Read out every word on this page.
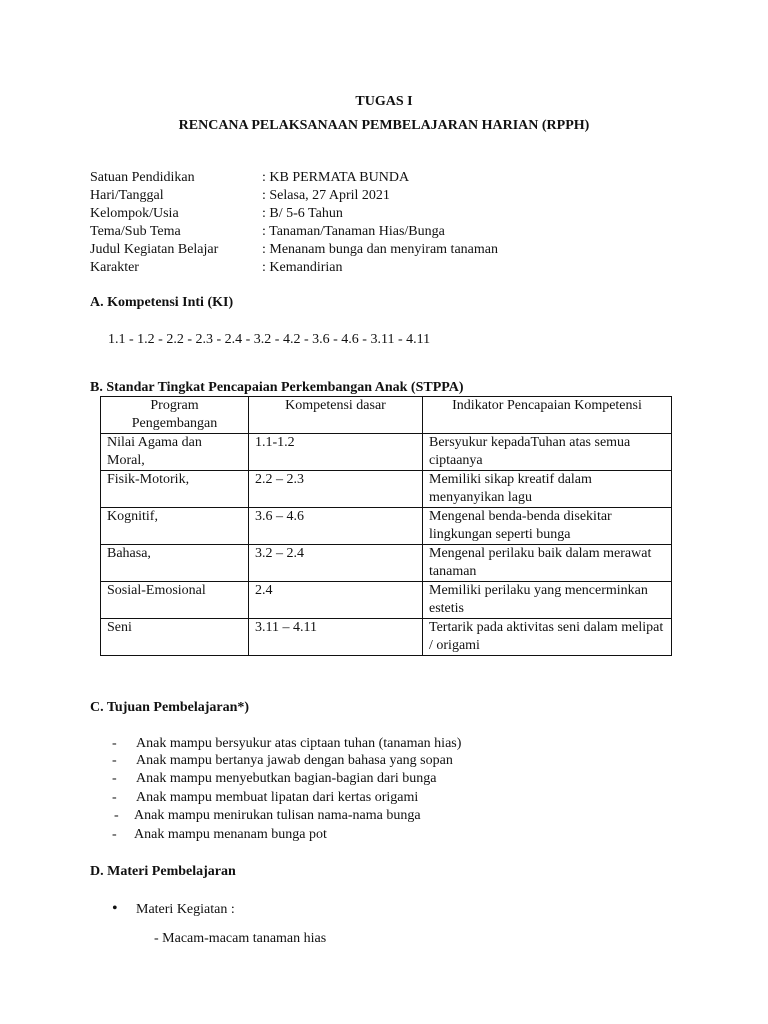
TUGAS I
RENCANA PELAKSANAAN PEMBELAJARAN HARIAN (RPPH)
Satuan Pendidikan	: KB PERMATA BUNDA
Hari/Tanggal	: Selasa, 27 April 2021
Kelompok/Usia	: B/ 5-6 Tahun
Tema/Sub Tema	: Tanaman/Tanaman Hias/Bunga
Judul Kegiatan Belajar	: Menanam bunga dan menyiram tanaman
Karakter	: Kemandirian
A. Kompetensi Inti (KI)
1.1 - 1.2 - 2.2 - 2.3 - 2.4 - 3.2 - 4.2 - 3.6 - 4.6 - 3.11 - 4.11
B. Standar Tingkat Pencapaian Perkembangan Anak (STPPA)
Program Pengembangan	Kompetensi dasar	Indikator Pencapaian Kompetensi
Nilai Agama dan Moral,	1.1-1.2	Bersyukur kepadaTuhan atas semua ciptaanya
Fisik-Motorik,	2.2 – 2.3	Memiliki sikap kreatif dalam menyanyikan lagu
Kognitif,	3.6 – 4.6	Mengenal benda-benda disekitar lingkungan seperti bunga
Bahasa,	3.2 – 2.4	Mengenal perilaku baik dalam merawat tanaman
Sosial-Emosional	2.4	Memiliki perilaku yang mencerminkan estetis
Seni	3.11 – 4.11	Tertarik pada aktivitas seni dalam melipat / origami
C. Tujuan Pembelajaran*)
- Anak mampu bersyukur atas ciptaan tuhan (tanaman hias)
- Anak mampu bertanya jawab dengan bahasa yang sopan
- Anak mampu menyebutkan bagian-bagian dari bunga
- Anak mampu membuat lipatan dari kertas origami
- Anak mampu menirukan tulisan nama-nama bunga
- Anak mampu menanam bunga pot
D. Materi Pembelajaran
• Materi Kegiatan :
- Macam-macam tanaman hias
